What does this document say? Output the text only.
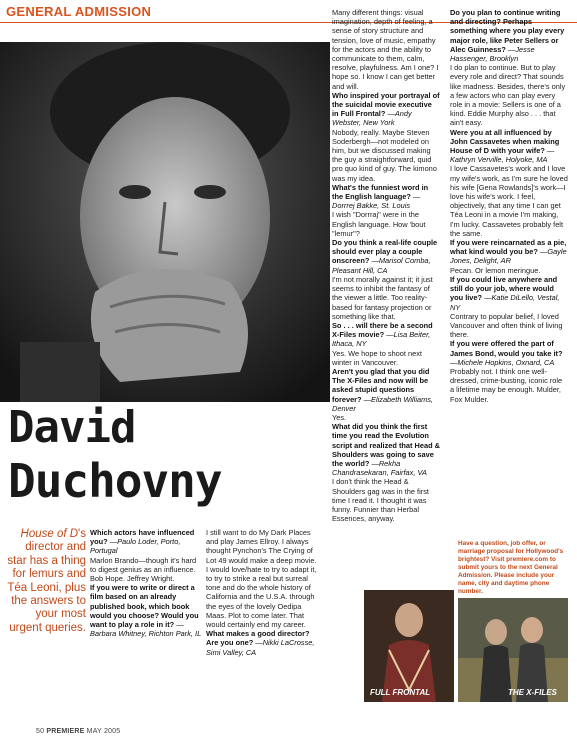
GENERAL ADMISSION
David
Duchovny
House of D's director and star has a thing for lemurs and Téa Leoni, plus the answers to your most urgent queries.

Which actors have influenced you? —Paulo Loder, Porto, Portugal

Marlon Brando—though it's hard to digest genius as an influence. Bob Hope. Jeffrey Wright.

If you were to write or direct a film based on an already published book, which book would you choose? Would you want to play a role in it? —Barbara Whitney, Richton Park, IL

I still want to do My Dark Places and play James Ellroy. I always thought Pynchon's The Crying of Lot 49 would make a deep movie. I would love/hate to try to adapt it, to try to strike a real but surreal tone and do the whole history of California and the U.S.A. through the eyes of the lovely Oedipa Maas. Plot to come later. That would certainly end my career.

What makes a good director? Are you one? —Nikki LaCrosse, Simi Valley, CA

Many different things: visual imagination, depth of feeling, a sense of story structure and tension, love of music, empathy for the actors and the ability to communicate to them, calm, resolve, playfulness. Am I one? I hope so. I know I can get better and will.

Who inspired your portrayal of the suicidal movie executive in Full Frontal? —Andy Webster, New York

Nobody, really. Maybe Steven Soderbergh—not modeled on him, but we discussed making the guy a straightforward, quid pro quo kind of guy. The kimono was my idea.

What's the funniest word in the English language? —Dorrrej Bakke, St. Louis

I wish "Dorrraj" were in the English language. How 'bout "lemur"?

Do you think a real-life couple should ever play a couple onscreen? —Marisol Comba, Pleasant Hill, CA

I'm not morally against it; it just seems to inhibit the fantasy of the viewer a little. Too reality-based for fantasy projection or something like that.

So . . . will there be a second X-Files movie? —Lisa Beiter, Ithaca, NY

Yes. We hope to shoot next winter in Vancouver.

Aren't you glad that you did The X-Files and now will be asked stupid questions forever? —Elizabeth Williams, Denver

Yes.

What did you think the first time you read the Evolution script and realized that Head & Shoulders was going to save the world? —Rekha Chandrasekaran, Fairfax, VA

I don't think the Head & Shoulders gag was in the first time I read it. I thought it was funny. Funnier than Herbal Essences, anyway.

Do you plan to continue writing and directing? Perhaps something where you play every major role, like Peter Sellers or Alec Guinness? —Jesse Hassenger, Brooklyn

I do plan to continue. But to play every role and direct? That sounds like madness. Besides, there's only a few actors who can play every role in a movie: Sellers is one of a kind. Eddie Murphy also . . . that ain't easy.

Were you at all influenced by John Cassavetes when making House of D with your wife? —Kathryn Verville, Holyoke, MA

I love Cassavetes's work and I love my wife's work, as I'm sure he loved his wife [Gena Rowlands]'s work—I love his wife's work. I feel, objectively, that any time I can get Téa Leoni in a movie I'm making, I'm lucky. Cassavetes probably felt the same.

If you were reincarnated as a pie, what kind would you be? —Gayle Jones, Delight, AR

Pecan. Or lemon meringue.

If you could live anywhere and still do your job, where would you live? —Katie DiLello, Vestal, NY

Contrary to popular belief, I loved Vancouver and often think of living there.

If you were offered the part of James Bond, would you take it? —Michele Hopkins, Oxnard, CA

Probably not. I think one well-dressed, crime-busting, iconic role a lifetime may be enough. Mulder, Fox Mulder.

Have a question, job offer, or marriage proposal for Hollywood's brightest? Visit premiere.com to submit yours to the next General Admission. Please include your name, city and daytime phone number.
FULL FRONTAL	THE X-FILES
50 PREMIERE MAY 2005
